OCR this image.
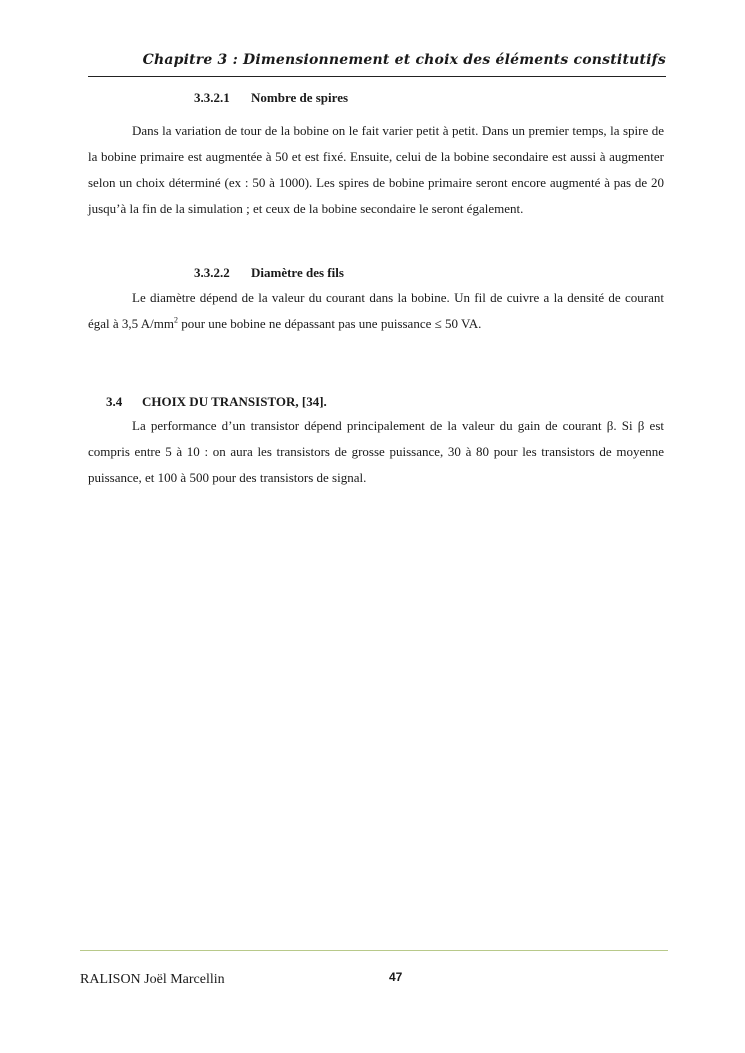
Chapitre 3 : Dimensionnement et choix des éléments constitutifs
3.3.2.1 Nombre de spires
Dans la variation de tour de la bobine on le fait varier petit à petit. Dans un premier temps, la spire de la bobine primaire est augmentée à 50 et est fixé. Ensuite, celui de la bobine secondaire est aussi à augmenter selon un choix déterminé (ex : 50 à 1000). Les spires de bobine primaire seront encore augmenté à pas de 20 jusqu’à la fin de la simulation ; et ceux de la bobine secondaire le seront également.
3.3.2.2 Diamètre des fils
Le diamètre dépend de la valeur du courant dans la bobine. Un fil de cuivre a la densité de courant égal à 3,5 $A/mm^2$ pour une bobine ne dépassant pas une puissance ≤ 50 VA.
3.4 CHOIX DU TRANSISTOR, [34].
La performance d’un transistor dépend principalement de la valeur du gain de courant β. Si β est compris entre 5 à 10 : on aura les transistors de grosse puissance, 30 à 80 pour les transistors de moyenne puissance, et 100 à 500 pour des transistors de signal.
RALISON Joël Marcellin	47
